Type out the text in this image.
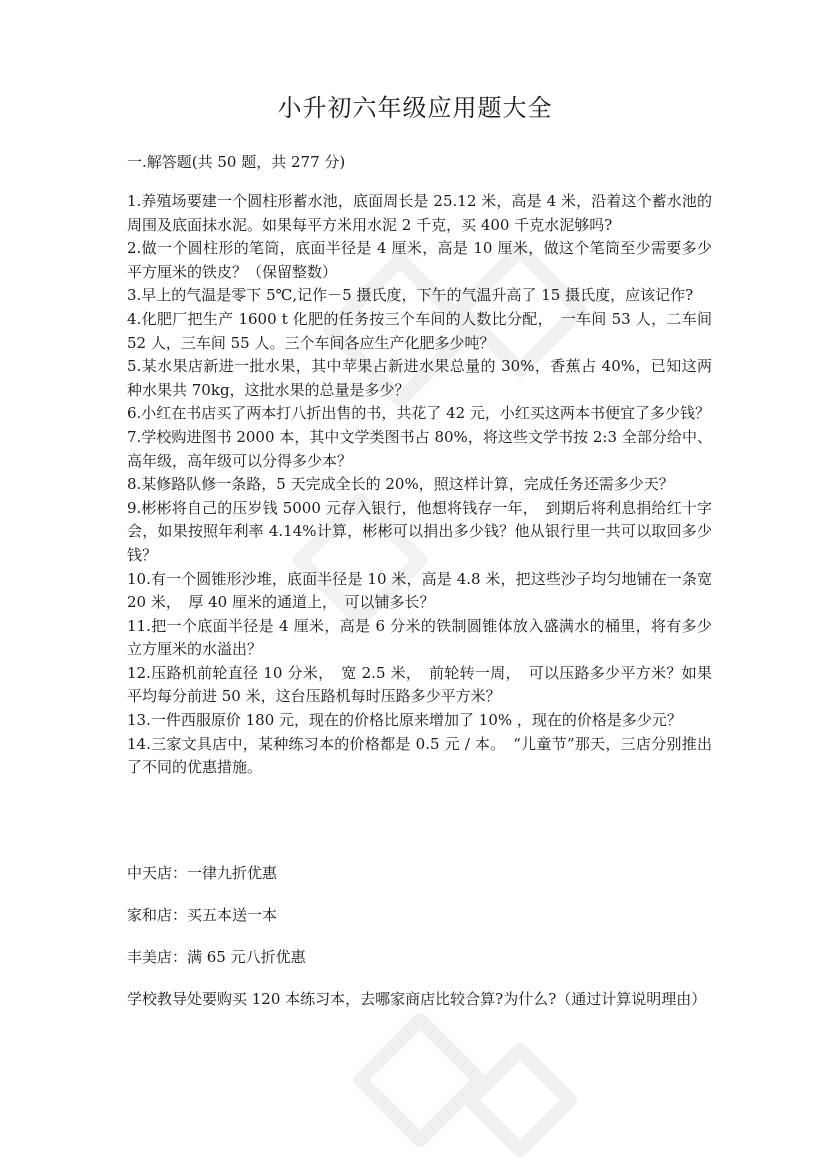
小升初六年级应用题大全
一.解答题(共 50 题，共 277 分)

1.养殖场要建一个圆柱形蓄水池，底面周长是 25.12 米，高是 4 米，沿着这个蓄水池的周围及底面抹水泥。如果每平方米用水泥 2 千克，买 400 千克水泥够吗?

2.做一个圆柱形的笔筒，底面半径是 4 厘米，高是 10 厘米，做这个笔筒至少需要多少平方厘米的铁皮？（保留整数）

3.早上的气温是零下 5℃,记作－5 摄氏度，下午的气温升高了 15 摄氏度，应该记作?

4.化肥厂把生产 1600 t 化肥的任务按三个车间的人数比分配，　一车间 53 人，二车间 52 人，三车间 55 人。三个车间各应生产化肥多少吨？

5.某水果店新进一批水果，其中苹果占新进水果总量的 30%，香蕉占 40%，已知这两种水果共 70kg，这批水果的总量是多少？

6.小红在书店买了两本打八折出售的书，共花了 42 元，小红买这两本书便宜了多少钱？

7.学校购进图书 2000 本，其中文学类图书占 80%，将这些文学书按 2:3 全部分给中、高年级，高年级可以分得多少本？

8.某修路队修一条路，5 天完成全长的 20%，照这样计算，完成任务还需多少天？

9.彬彬将自己的压岁钱 5000 元存入银行，他想将钱存一年，　到期后将利息捐给红十字会，如果按照年利率 4.14%计算，彬彬可以捐出多少钱？他从银行里一共可以取回多少钱？

10.有一个圆锥形沙堆，底面半径是 10 米，高是 4.8 米，把这些沙子均匀地铺在一条宽 20 米，　厚 40 厘米的通道上，　可以铺多长？

11.把一个底面半径是 4 厘米，高是 6 分米的铁制圆锥体放入盛满水的桶里，将有多少立方厘米的水溢出？

12.压路机前轮直径 10 分米，　宽 2.5 米，　前轮转一周，　可以压路多少平方米？如果平均每分前进 50 米，这台压路机每时压路多少平方米？

13.一件西服原价 180 元，现在的价格比原来增加了 10% ，现在的价格是多少元？

14.三家文具店中，某种练习本的价格都是 0.5 元 / 本。　“儿童节”那天，三店分别推出了不同的优惠措施。

中天店：一律九折优惠

家和店：买五本送一本

丰美店：满 65 元八折优惠

学校教导处要购买 120 本练习本，去哪家商店比较合算?为什么?（通过计算说明理由）
